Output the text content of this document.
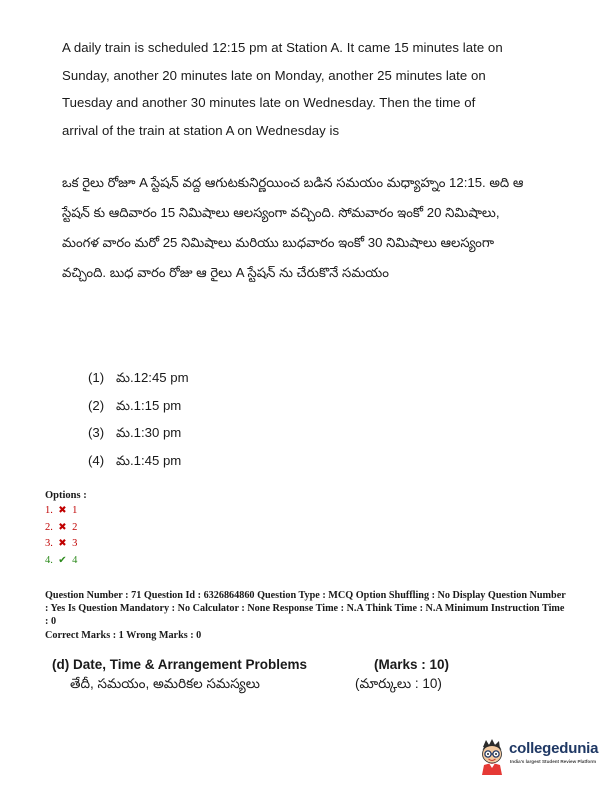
A daily train is scheduled 12:15 pm at Station A. It came 15 minutes late on Sunday, another 20 minutes late on Monday, another 25 minutes late on Tuesday and another 30 minutes late on Wednesday. Then the time of arrival of the train at station A on Wednesday is
ఒక రైలు రోజూ A స్టేషన్ వద్ద ఆగుటకునిర్ణయించ బడిన సమయం మధ్యాహ్నం 12:15. అది ఆ స్టేషన్ కు ఆదివారం 15 నిమిషాలు ఆలస్యంగా వచ్చింది. సోమవారం ఇంకో 20 నిమిషాలు, మంగళ వారం మరో 25 నిమిషాలు మరియు బుధవారం ఇంకో 30 నిమిషాలు ఆలస్యంగా వచ్చింది. బుధ వారం రోజు ఆ రైలు A స్టేషన్ ను చేరుకొనే సమయం
(1) మ.12:45 pm
(2) మ.1:15 pm
(3) మ.1:30 pm
(4) మ.1:45 pm
Options :
1. ✖ 1
2. ✖ 2
3. ✖ 3
4. ✔ 4
Question Number : 71 Question Id : 6326864860 Question Type : MCQ Option Shuffling : No Display Question Number : Yes Is Question Mandatory : No Calculator : None Response Time : N.A Think Time : N.A Minimum Instruction Time : 0
Correct Marks : 1 Wrong Marks : 0
(d) Date, Time & Arrangement Problems	(Marks : 10)
తేదీ, సమయం, అమరికల సమస్యలు	(మార్కులు : 10)
collegedunia
India's largest Student Review Platform
